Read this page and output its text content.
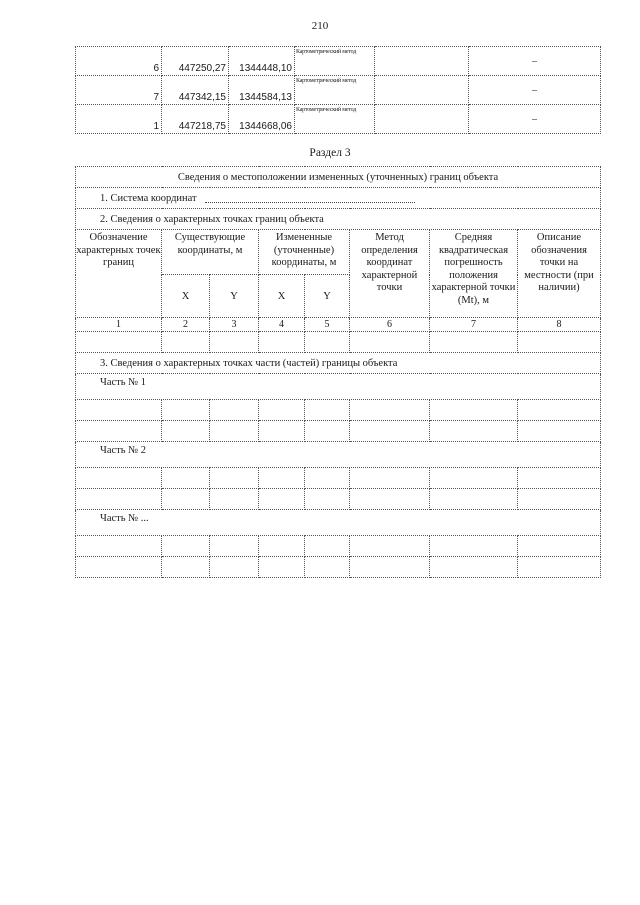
210
6	447250,27	1344448,10	Картометрический метод		–
7	447342,15	1344584,13	Картометрический метод		–
1	447218,75	1344668,06	Картометрический метод		–
Раздел 3
Сведения о местоположении измененных (уточненных) границ объекта							
1. Система координат							
2. Сведения о характерных точках границ объекта							
Обозначение характерных точек границ	Существующие координаты, м		Измененные (уточненные) координаты, м		Метод определения координат характерной точки	Средняя квадратическая погрешность положения характерной точки (Mt), м	Описание обозначения точки на местности (при наличии)
	X	Y	X	Y			
1	2	3	4	5	6	7	8

3. Сведения о характерных точках части (частей) границы объекта							
Часть № 1							

Часть № 2							

Часть № ...							
